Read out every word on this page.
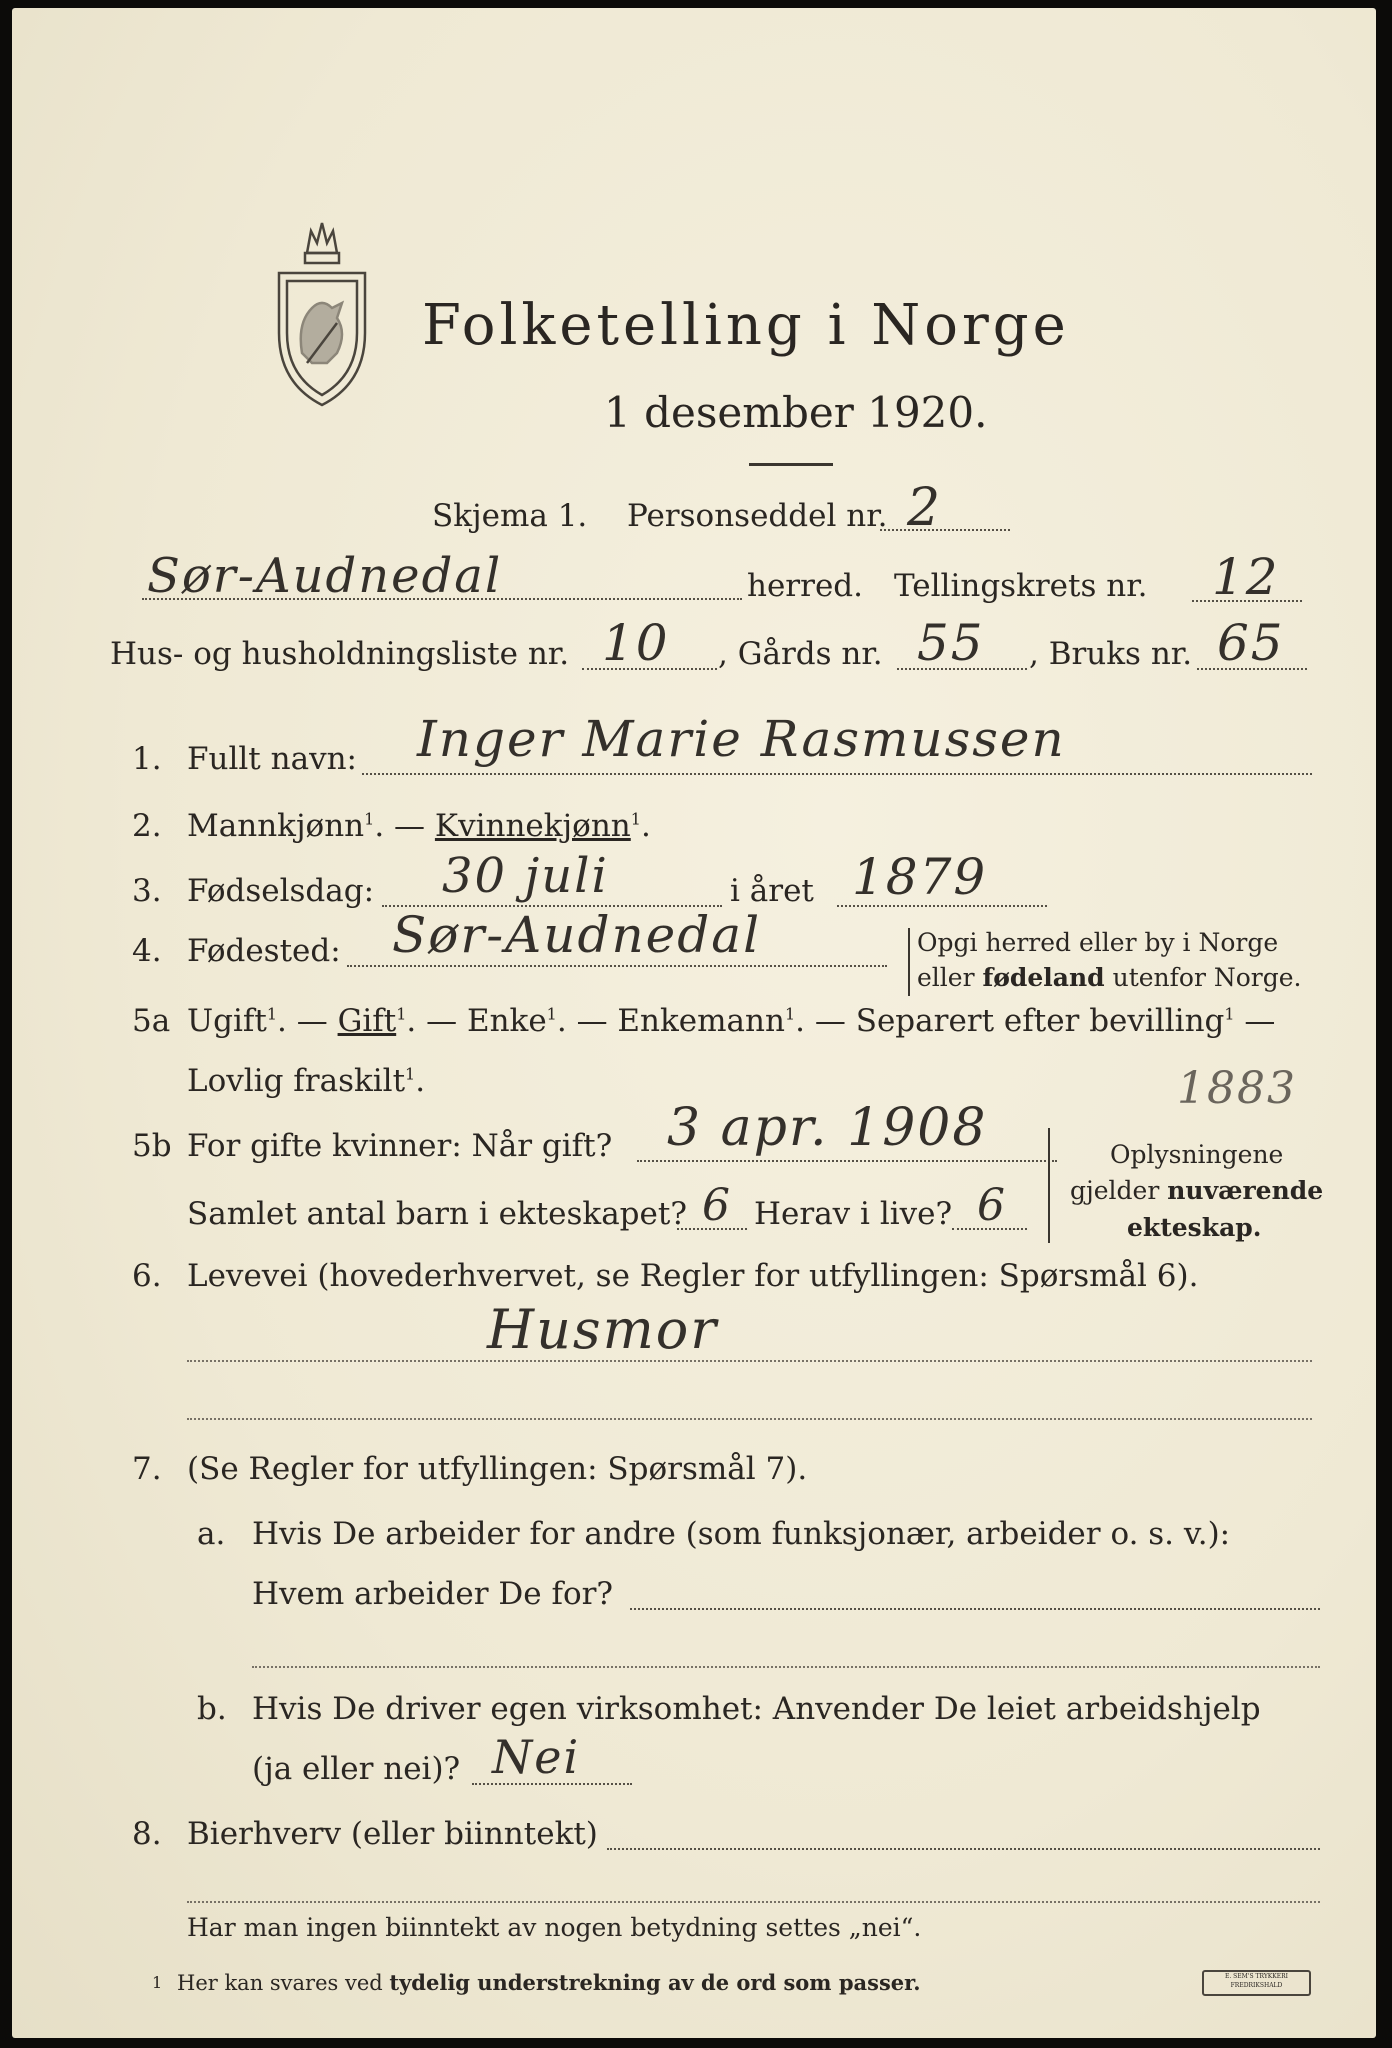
Folketelling i Norge
1 desember 1920.
Skjema 1. Personseddel nr. 2
Sør-Audnedal	herred. Tellingskrets nr. 12
Hus- og husholdningsliste nr. 10 , Gårds nr. 55 , Bruks nr. 65
1. Fullt navn: Inger Marie Rasmussen
2. Mannkjønn$^1$. — Kvinnekjønn$^1$.
3. Fødselsdag: 30 juli	i året 1879
4. Fødested: Sør-Audnedal	Opgi herred eller by i Norge
eller fødeland utenfor Norge.
5a Ugift$^1$. — Gift$^1$. — Enke$^1$. — Enkemann$^1$. — Separert efter bevilling$^1$ —
Lovlig fraskilt$^1$.	1883
5b For gifte kvinner: Når gift? 3 apr. 1908
Samlet antal barn i ekteskapet? 6 Herav i live? 6
Oplysningene
gjelder nuværende
ekteskap.
6. Levevei (hovederhvervet, se Regler for utfyllingen: Spørsmål 6).
Husmor
7. (Se Regler for utfyllingen: Spørsmål 7).
a. Hvis De arbeider for andre (som funksjonær, arbeider o. s. v.):
Hvem arbeider De for?
b. Hvis De driver egen virksomhet: Anvender De leiet arbeidshjelp
(ja eller nei)? Nei
8. Bierhverv (eller biinntekt)
Har man ingen biinntekt av nogen betydning settes „nei“.
1 Her kan svares ved tydelig understrekning av de ord som passer.	E. SEM'S TRYKKERI FREDRIKSHALD
